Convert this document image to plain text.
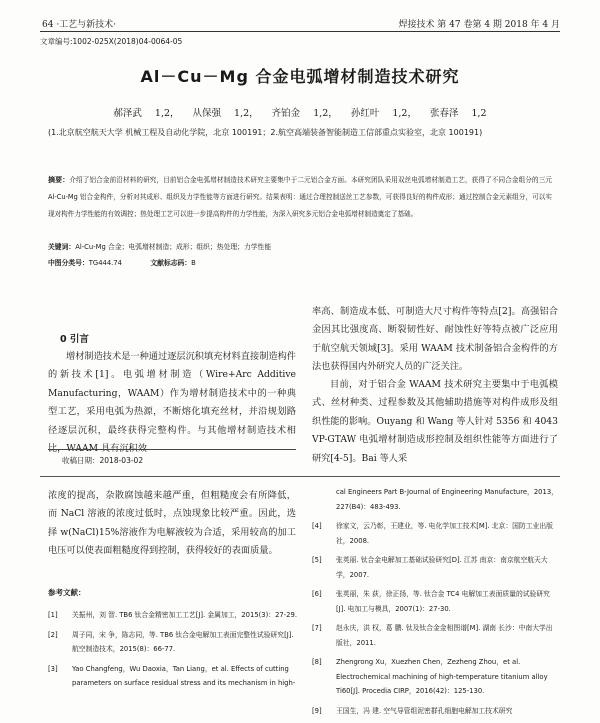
64 ·工艺与新技术·	焊接技术 第 47 卷第 4 期 2018 年 4 月
文章编号:1002-025X(2018)04-0064-05
Al－Cu－Mg 合金电弧增材制造技术研究
郝泽武 1,2， 从保强 1,2， 齐铂金 1,2， 孙红叶 1,2， 张春泽 1,2
(1.北京航空航天大学 机械工程及自动化学院，北京 100191；2.航空高端装备智能制造工信部重点实验室，北京 100191)
摘要：介绍了铝合金前沿材料的研究，目前铝合金电弧增材制造技术研究主要集中于二元铝合金方面。本研究团队采用双丝电弧增材制造工艺，获得了不同合金组分的三元 Al-Cu-Mg 铝合金构件，分析对其成形、组织及力学性能等方面进行研究。结果表明：通过合理控制送丝工艺参数，可获得良好的构件成形；通过控制合金元素组分，可以实现对构件力学性能的有效调控；热处理工艺可以进一步提高构件的力学性能，为深入研究多元铝合金电弧增材制造奠定了基础。
关键词：Al-Cu-Mg 合金；电弧增材制造；成形；组织；热处理；力学性能
中图分类号：TG444.74	文献标志码：B
0 引言
增材制造技术是一种通过逐层沉积填充材料直接制造构件的新技术[1]。电弧增材制造（Wire+Arc Additive Manufacturing，WAAM）作为增材制造技术中的一种典型工艺，采用电弧为热源，不断熔化填充丝材，并沿规划路径逐层沉积，最终获得完整构件。与其他增材制造技术相比，WAAM 具有沉积效
率高、制造成本低、可制造大尺寸构件等特点[2]。高强铝合金因其比强度高、断裂韧性好、耐蚀性好等特点被广泛应用于航空航天领域[3]。采用 WAAM 技术制备铝合金构件的方法也获得国内外研究人员的广泛关注。
目前，对于铝合金 WAAM 技术研究主要集中于电弧模式、丝材种类、过程参数及其他辅助措施等对构件成形及组织性能的影响。Ouyang 和 Wang 等人针对 5356 和 4043 VP-GTAW 电弧增材制造成形控制及组织性能等方面进行了研究[4-5]。Bai 等人采
收稿日期：2018-03-02
浓度的提高，杂散腐蚀越来越严重，但粗糙度会有所降低，而 NaCl 溶液的浓度过低时，点蚀现象比较严重。因此，选择 w(NaCl)15%溶液作为电解液较为合适，采用较高的加工电压可以使表面粗糙度得到控制，获得较好的表面质量。
参考文献：
[1]	关振州，刘 智. TB6 钛合金精密加工工艺[J]. 金属加工，2015(3)：27-29.
[2]	周子同，宋 争，陈志同，等. TB6 钛合金电解加工表面完整性试验研究[J]. 航空制造技术，2015(8)：66-77.
[3]	Yao Changfeng，Wu Daoxia，Tan Liang，et al. Effects of cutting parameters on surface residual stress and its mechanism in high-
cal Engineers Part B-Journal of Engineering Manufacture，2013，227(B4)：483-493.
[4]	徐家文，云乃彰，王建业，等. 电化学加工技术[M]. 北京：国防工业出版社，2008.
[5]	张英丽. 钛合金电解加工基础试验研究[D]. 江苏 南京：南京航空航天大学，2007.
[6]	张英丽，朱 荻，徐正扬，等. 钛合金 TC4 电解加工表面质量的试验研究[J]. 电加工与模具，2007(1)：27-30.
[7]	赵永庆，洪 权，葛 鹏. 钛及钛合金金相图谱[M]. 湖南 长沙：中南大学出版社，2011.
[8]	Zhengrong Xu，Xuezhen Chen，Zezheng Zhou，et al. Electrochemical machining of high-temperature titanium alloy Ti60[J]. Procedia CIRP，2016(42)：125-130.
[9]	王国生，冯 建. 空气导管组泥密群孔细胞电解加工技术研究
